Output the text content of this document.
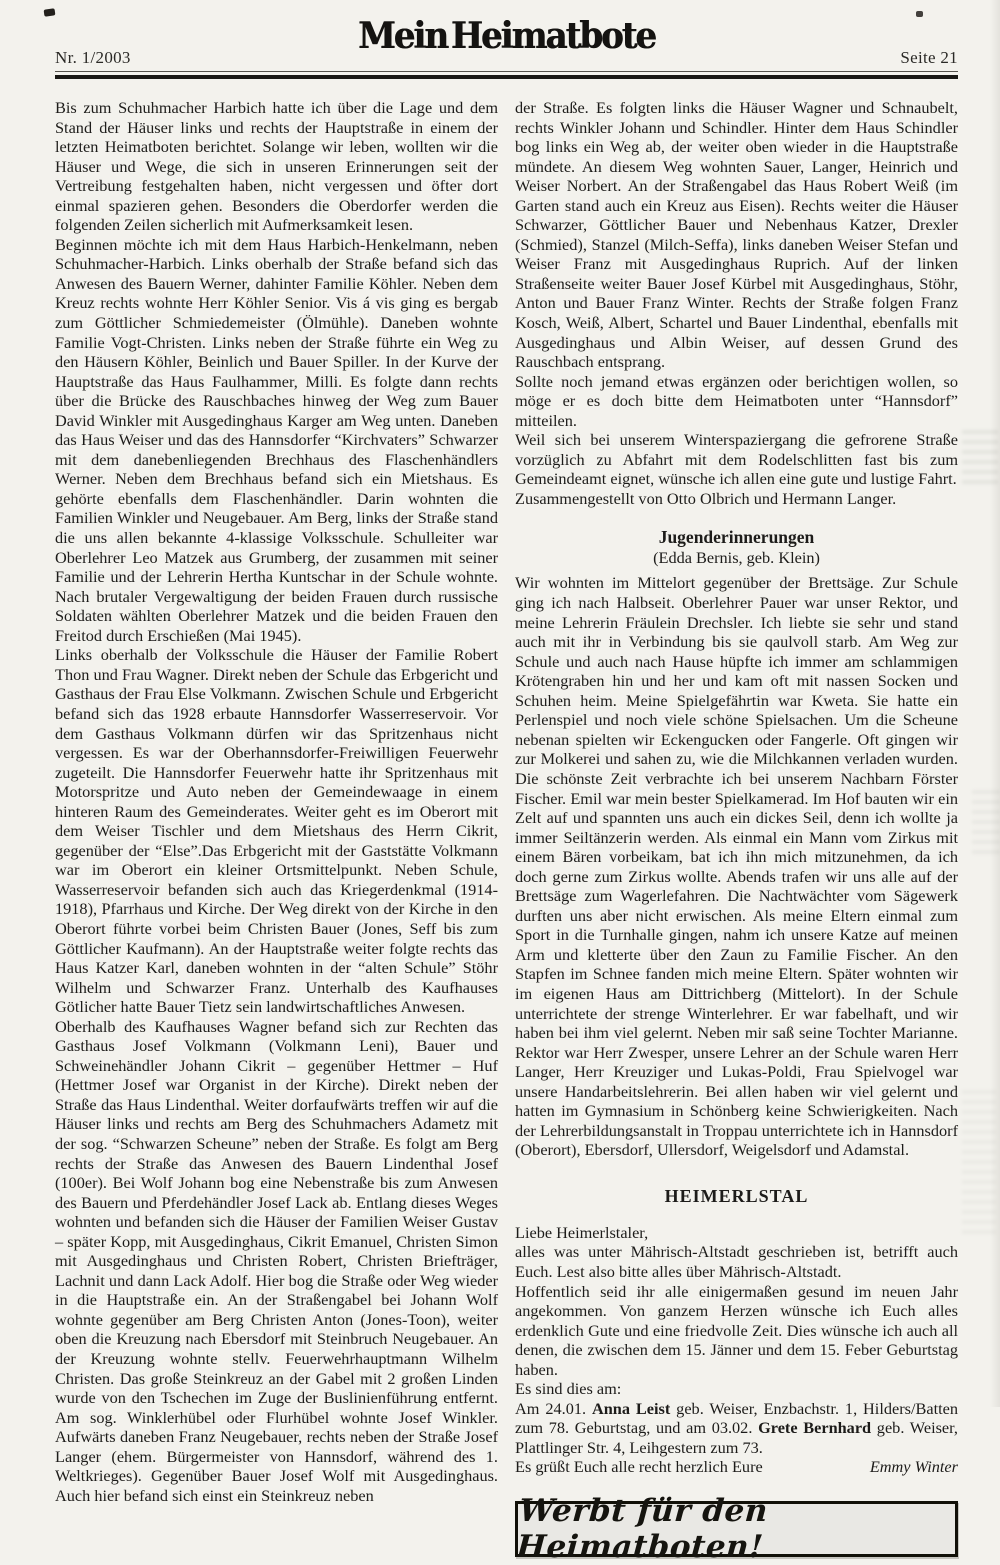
Nr. 1/2003	Mein Heimatbote	Seite 21

Bis zum Schuhmacher Harbich hatte ich über die Lage und dem Stand der Häuser links und rechts der Hauptstraße in einem der letzten Heimatboten berichtet. Solange wir leben, wollten wir die Häuser und Wege, die sich in unseren Erinnerungen seit der Vertreibung festgehalten haben, nicht vergessen und öfter dort einmal spazieren gehen. Besonders die Oberdorfer werden die folgenden Zeilen sicherlich mit Aufmerksamkeit lesen.

Beginnen möchte ich mit dem Haus Harbich-Henkelmann, neben Schuhmacher-Harbich. Links oberhalb der Straße befand sich das Anwesen des Bauern Werner, dahinter Familie Köhler. Neben dem Kreuz rechts wohnte Herr Köhler Senior. Vis á vis ging es bergab zum Göttlicher Schmiedemeister (Ölmühle). Daneben wohnte Familie Vogt-Christen. Links neben der Straße führte ein Weg zu den Häusern Köhler, Beinlich und Bauer Spiller. In der Kurve der Hauptstraße das Haus Faulhammer, Milli. Es folgte dann rechts über die Brücke des Rauschbaches hinweg der Weg zum Bauer David Winkler mit Ausgedinghaus Karger am Weg unten. Daneben das Haus Weiser und das des Hannsdorfer “Kirchvaters” Schwarzer mit dem danebenliegenden Brechhaus des Flaschenhändlers Werner. Neben dem Brechhaus befand sich ein Mietshaus. Es gehörte ebenfalls dem Flaschenhändler. Darin wohnten die Familien Winkler und Neugebauer. Am Berg, links der Straße stand die uns allen bekannte 4-klassige Volksschule. Schulleiter war Oberlehrer Leo Matzek aus Grumberg, der zusammen mit seiner Familie und der Lehrerin Hertha Kuntschar in der Schule wohnte. Nach brutaler Vergewaltigung der beiden Frauen durch russische Soldaten wählten Oberlehrer Matzek und die beiden Frauen den Freitod durch Erschießen (Mai 1945).

Links oberhalb der Volksschule die Häuser der Familie Robert Thon und Frau Wagner. Direkt neben der Schule das Erbgericht und Gasthaus der Frau Else Volkmann. Zwischen Schule und Erbgericht befand sich das 1928 erbaute Hannsdorfer Wasserreservoir. Vor dem Gasthaus Volkmann dürfen wir das Spritzenhaus nicht vergessen. Es war der Oberhannsdorfer-Freiwilligen Feuerwehr zugeteilt. Die Hannsdorfer Feuerwehr hatte ihr Spritzenhaus mit Motorspritze und Auto neben der Gemeindewaage in einem hinteren Raum des Gemeinderates. Weiter geht es im Oberort mit dem Weiser Tischler und dem Mietshaus des Herrn Cikrit, gegenüber der “Else”.Das Erbgericht mit der Gaststätte Volkmann war im Oberort ein kleiner Ortsmittelpunkt. Neben Schule, Wasserreservoir befanden sich auch das Kriegerdenkmal (1914-1918), Pfarrhaus und Kirche. Der Weg direkt von der Kirche in den Oberort führte vorbei beim Christen Bauer (Jones, Seff bis zum Göttlicher Kaufmann). An der Hauptstraße weiter folgte rechts das Haus Katzer Karl, daneben wohnten in der “alten Schule” Stöhr Wilhelm und Schwarzer Franz. Unterhalb des Kaufhauses Götlicher hatte Bauer Tietz sein landwirtschaftliches Anwesen.

Oberhalb des Kaufhauses Wagner befand sich zur Rechten das Gasthaus Josef Volkmann (Volkmann Leni), Bauer und Schweinehändler Johann Cikrit – gegenüber Hettmer – Huf (Hettmer Josef war Organist in der Kirche). Direkt neben der Straße das Haus Lindenthal. Weiter dorfaufwärts treffen wir auf die Häuser links und rechts am Berg des Schuhmachers Adametz mit der sog. “Schwarzen Scheune” neben der Straße. Es folgt am Berg rechts der Straße das Anwesen des Bauern Lindenthal Josef (100er). Bei Wolf Johann bog eine Nebenstraße bis zum Anwesen des Bauern und Pferdehändler Josef Lack ab. Entlang dieses Weges wohnten und befanden sich die Häuser der Familien Weiser Gustav – später Kopp, mit Ausgedinghaus, Cikrit Emanuel, Christen Simon mit Ausgedinghaus und Christen Robert, Christen Briefträger, Lachnit und dann Lack Adolf. Hier bog die Straße oder Weg wieder in die Hauptstraße ein. An der Straßengabel bei Johann Wolf wohnte gegenüber am Berg Christen Anton (Jones-Toon), weiter oben die Kreuzung nach Ebersdorf mit Steinbruch Neugebauer. An der Kreuzung wohnte stellv. Feuerwehrhauptmann Wilhelm Christen. Das große Steinkreuz an der Gabel mit 2 großen Linden wurde von den Tschechen im Zuge der Buslinienführung entfernt. Am sog. Winklerhübel oder Flurhübel wohnte Josef Winkler. Aufwärts daneben Franz Neugebauer, rechts neben der Straße Josef Langer (ehem. Bürgermeister von Hannsdorf, während des 1. Weltkrieges). Gegenüber Bauer Josef Wolf mit Ausgedinghaus. Auch hier befand sich einst ein Steinkreuz neben

der Straße. Es folgten links die Häuser Wagner und Schnaubelt, rechts Winkler Johann und Schindler. Hinter dem Haus Schindler bog links ein Weg ab, der weiter oben wieder in die Hauptstraße mündete. An diesem Weg wohnten Sauer, Langer, Heinrich und Weiser Norbert. An der Straßengabel das Haus Robert Weiß (im Garten stand auch ein Kreuz aus Eisen). Rechts weiter die Häuser Schwarzer, Göttlicher Bauer und Nebenhaus Katzer, Drexler (Schmied), Stanzel (Milch-Seffa), links daneben Weiser Stefan und Weiser Franz mit Ausgedinghaus Ruprich. Auf der linken Straßenseite weiter Bauer Josef Kürbel mit Ausgedinghaus, Stöhr, Anton und Bauer Franz Winter. Rechts der Straße folgen Franz Kosch, Weiß, Albert, Schartel und Bauer Lindenthal, ebenfalls mit Ausgedinghaus und Albin Weiser, auf dessen Grund des Rauschbach entsprang.

Sollte noch jemand etwas ergänzen oder berichtigen wollen, so möge er es doch bitte dem Heimatboten unter “Hannsdorf” mitteilen.

Weil sich bei unserem Winterspaziergang die gefrorene Straße vorzüglich zu Abfahrt mit dem Rodelschlitten fast bis zum Gemeindeamt eignet, wünsche ich allen eine gute und lustige Fahrt.

Zusammengestellt von Otto Olbrich und Hermann Langer.

Jugenderinnerungen
(Edda Bernis, geb. Klein)

Wir wohnten im Mittelort gegenüber der Brettsäge. Zur Schule ging ich nach Halbseit. Oberlehrer Pauer war unser Rektor, und meine Lehrerin Fräulein Drechsler. Ich liebte sie sehr und stand auch mit ihr in Verbindung bis sie qaulvoll starb. Am Weg zur Schule und auch nach Hause hüpfte ich immer am schlammigen Krötengraben hin und her und kam oft mit nassen Socken und Schuhen heim. Meine Spielgefährtin war Kweta. Sie hatte ein Perlenspiel und noch viele schöne Spielsachen. Um die Scheune nebenan spielten wir Eckengucken oder Fangerle. Oft gingen wir zur Molkerei und sahen zu, wie die Milchkannen verladen wurden. Die schönste Zeit verbrachte ich bei unserem Nachbarn Förster Fischer. Emil war mein bester Spielkamerad. Im Hof bauten wir ein Zelt auf und spannten uns auch ein dickes Seil, denn ich wollte ja immer Seiltänzerin werden. Als einmal ein Mann vom Zirkus mit einem Bären vorbeikam, bat ich ihn mich mitzunehmen, da ich doch gerne zum Zirkus wollte. Abends trafen wir uns alle auf der Brettsäge zum Wagerlefahren. Die Nachtwächter vom Sägewerk durften uns aber nicht erwischen. Als meine Eltern einmal zum Sport in die Turnhalle gingen, nahm ich unsere Katze auf meinen Arm und kletterte über den Zaun zu Familie Fischer. An den Stapfen im Schnee fanden mich meine Eltern. Später wohnten wir im eigenen Haus am Dittrichberg (Mittelort). In der Schule unterrichtete der strenge Winterlehrer. Er war fabelhaft, und wir haben bei ihm viel gelernt. Neben mir saß seine Tochter Marianne. Rektor war Herr Zwesper, unsere Lehrer an der Schule waren Herr Langer, Herr Kreuziger und Lukas-Poldi, Frau Spielvogel war unsere Handarbeitslehrerin. Bei allen haben wir viel gelernt und hatten im Gymnasium in Schönberg keine Schwierigkeiten. Nach der Lehrerbildungsanstalt in Troppau unterrichtete ich in Hannsdorf (Oberort), Ebersdorf, Ullersdorf, Weigelsdorf und Adamstal.

HEIMERLSTAL

Liebe Heimerlstaler,

alles was unter Mährisch-Altstadt geschrieben ist, betrifft auch Euch. Lest also bitte alles über Mährisch-Altstadt.

Hoffentlich seid ihr alle einigermaßen gesund im neuen Jahr angekommen. Von ganzem Herzen wünsche ich Euch alles erdenklich Gute und eine friedvolle Zeit. Dies wünsche ich auch all denen, die zwischen dem 15. Jänner und dem 15. Feber Geburtstag haben.

Es sind dies am:

Am 24.01. Anna Leist geb. Weiser, Enzbachstr. 1, Hilders/Batten zum 78. Geburtstag, und am 03.02. Grete Bernhard geb. Weiser, Plattlinger Str. 4, Leihgestern zum 73.

Es grüßt Euch alle recht herzlich Eure	Emmy Winter
Werbt für den Heimatboten!
